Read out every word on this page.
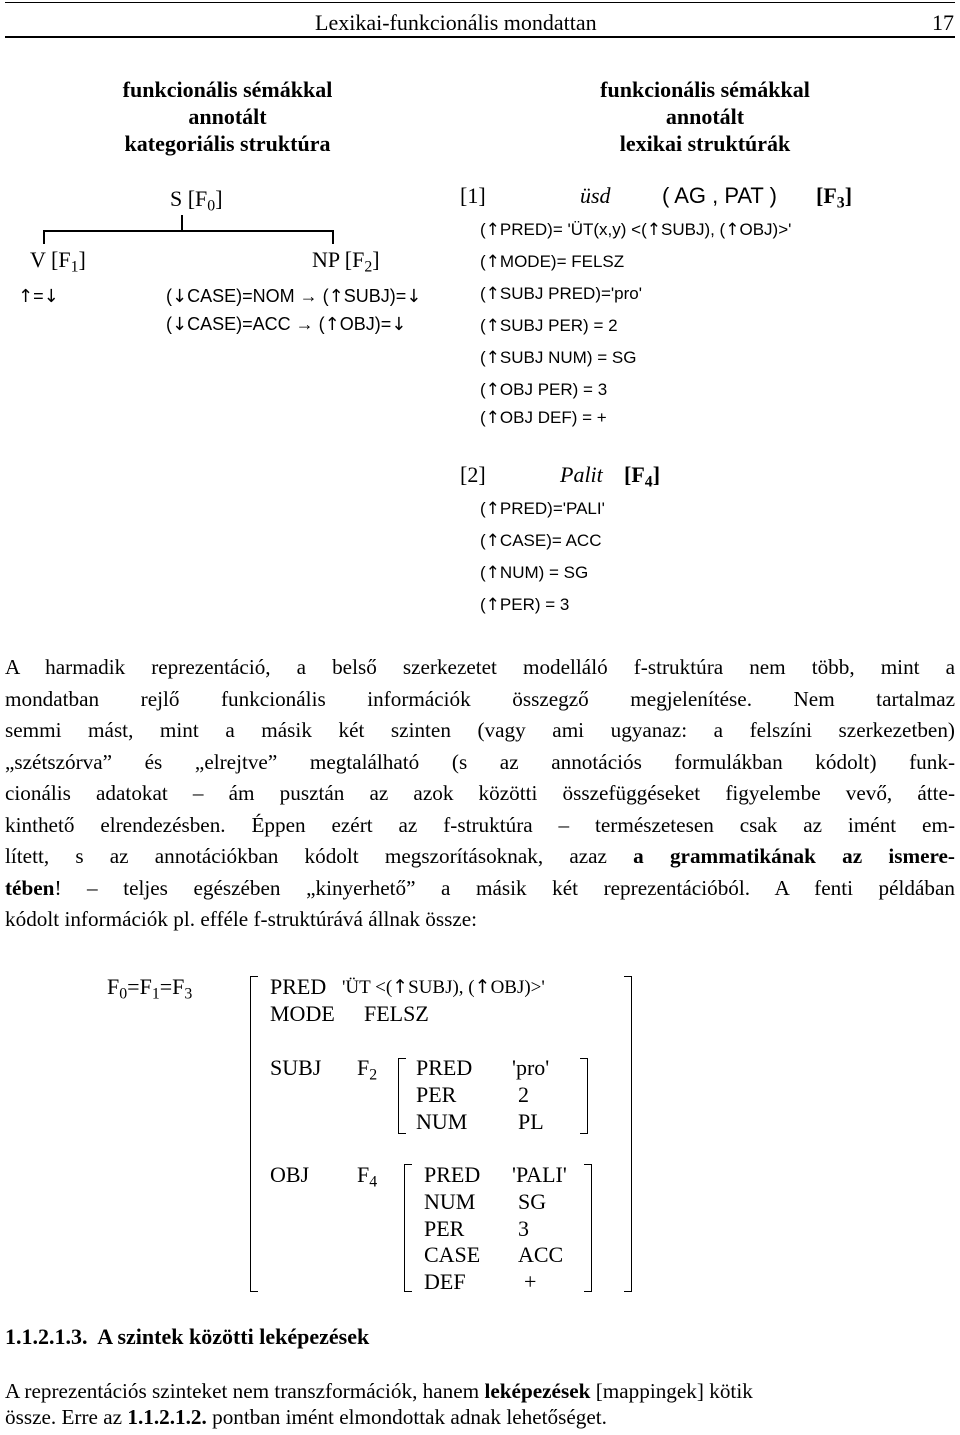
Lexikai-funkcionális mondattan	17
funkcionális sémákkal
annotált
kategoriális struktúra
funkcionális sémákkal
annotált
lexikai struktúrák
S $[F_0]$
V $[F_1]$	NP $[F_2]$
↑=↓	(↓CASE)=NOM → (↑SUBJ)=↓
(↓CASE)=ACC → (↑OBJ)=↓
[1]	üsd ( AG , PAT ) $[F_3]$
(↑PRED)= 'ÜT(x,y) <(↑SUBJ), (↑OBJ)>'
(↑MODE)= FELSZ
(↑SUBJ PRED)='pro'
(↑SUBJ PER) = 2
(↑SUBJ NUM) = SG
(↑OBJ PER) = 3
(↑OBJ DEF) = +
[2]	Palit $[F_4]$
(↑PRED)='PALI'
(↑CASE)= ACC
(↑NUM) = SG
(↑PER) = 3
A harmadik reprezentáció, a belső szerkezetet modelláló f-struktúra nem több, mint a
mondatban rejlő funkcionális információk összegző megjelenítése. Nem tartalmaz
semmi mást, mint a másik két szinten (vagy ami ugyanaz: a felszíni szerkezetben)
„szétszórva” és „elrejtve” megtalálható (s az annotációs formulákban kódolt) funk-
cionális adatokat – ám pusztán az azok közötti összefüggéseket figyelembe vevő, átte-
kinthető elrendezésben. Éppen ezért az f-struktúra – természetesen csak az imént em-
lített, s az annotációkban kódolt megszorításoknak, azaz a grammatikának az ismere-
tében! – teljes egészében „kinyerhető” a másik két reprezentációból. A fenti példában
kódolt információk pl. efféle f-struktúrává állnak össze:
$F_0=F_1=F_3$	PRED 'ÜT <(↑SUBJ), (↑OBJ)>'
MODE FELSZ
SUBJ $F_2$ PRED 'pro'
PER	2
NUM PL
OBJ $F_4$ PRED 'PALI'
NUM SG
PER 3
CASE ACC
DEF	+
1.1.2.1.3. A szintek közötti leképezések
A reprezentációs szinteket nem transzformációk, hanem leképezések [mappingek] kötik
össze. Erre az 1.1.2.1.2. pontban imént elmondottak adnak lehetőséget.
